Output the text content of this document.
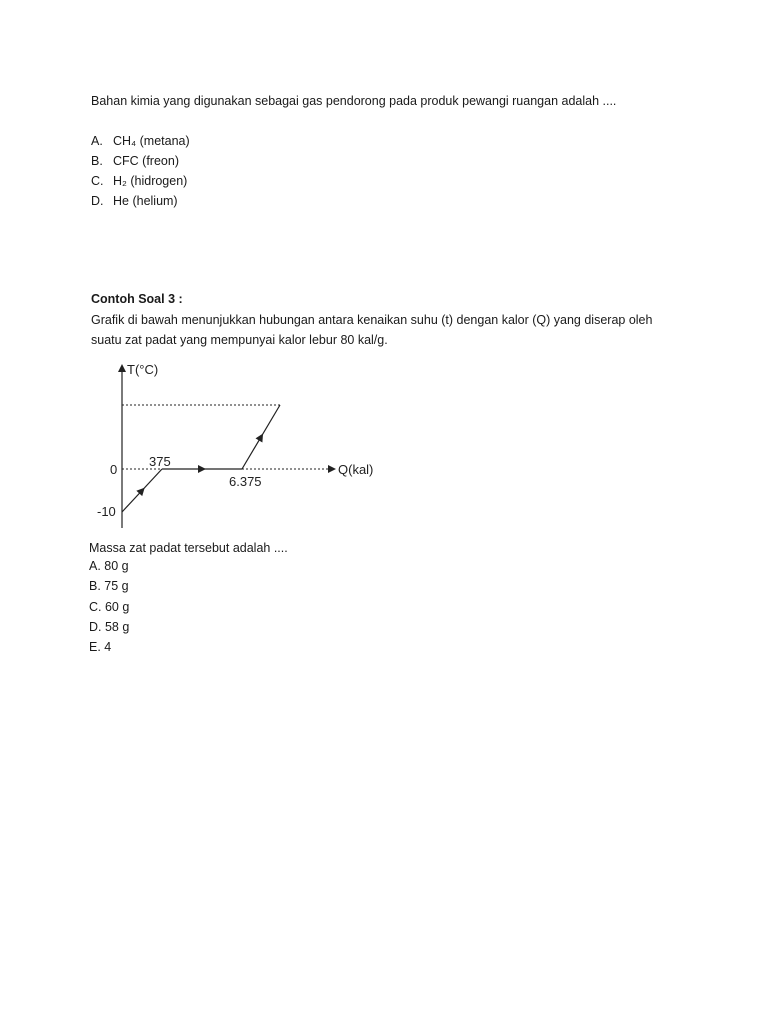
Bahan kimia yang digunakan sebagai gas pendorong pada produk pewangi ruangan adalah ....
A. CH₄ (metana)
B. CFC (freon)
C. H₂ (hidrogen)
D. He (helium)
Contoh Soal 3 :
Grafik di bawah menunjukkan hubungan antara kenaikan suhu (t) dengan kalor (Q) yang diserap oleh
suatu zat padat yang mempunyai kalor lebur 80 kal/g.
T(°C)
Q(kal)
0
-10
375
6.375
Massa zat padat tersebut adalah ....
A. 80 g
B. 75 g
C. 60 g
D. 58 g
E. 4
